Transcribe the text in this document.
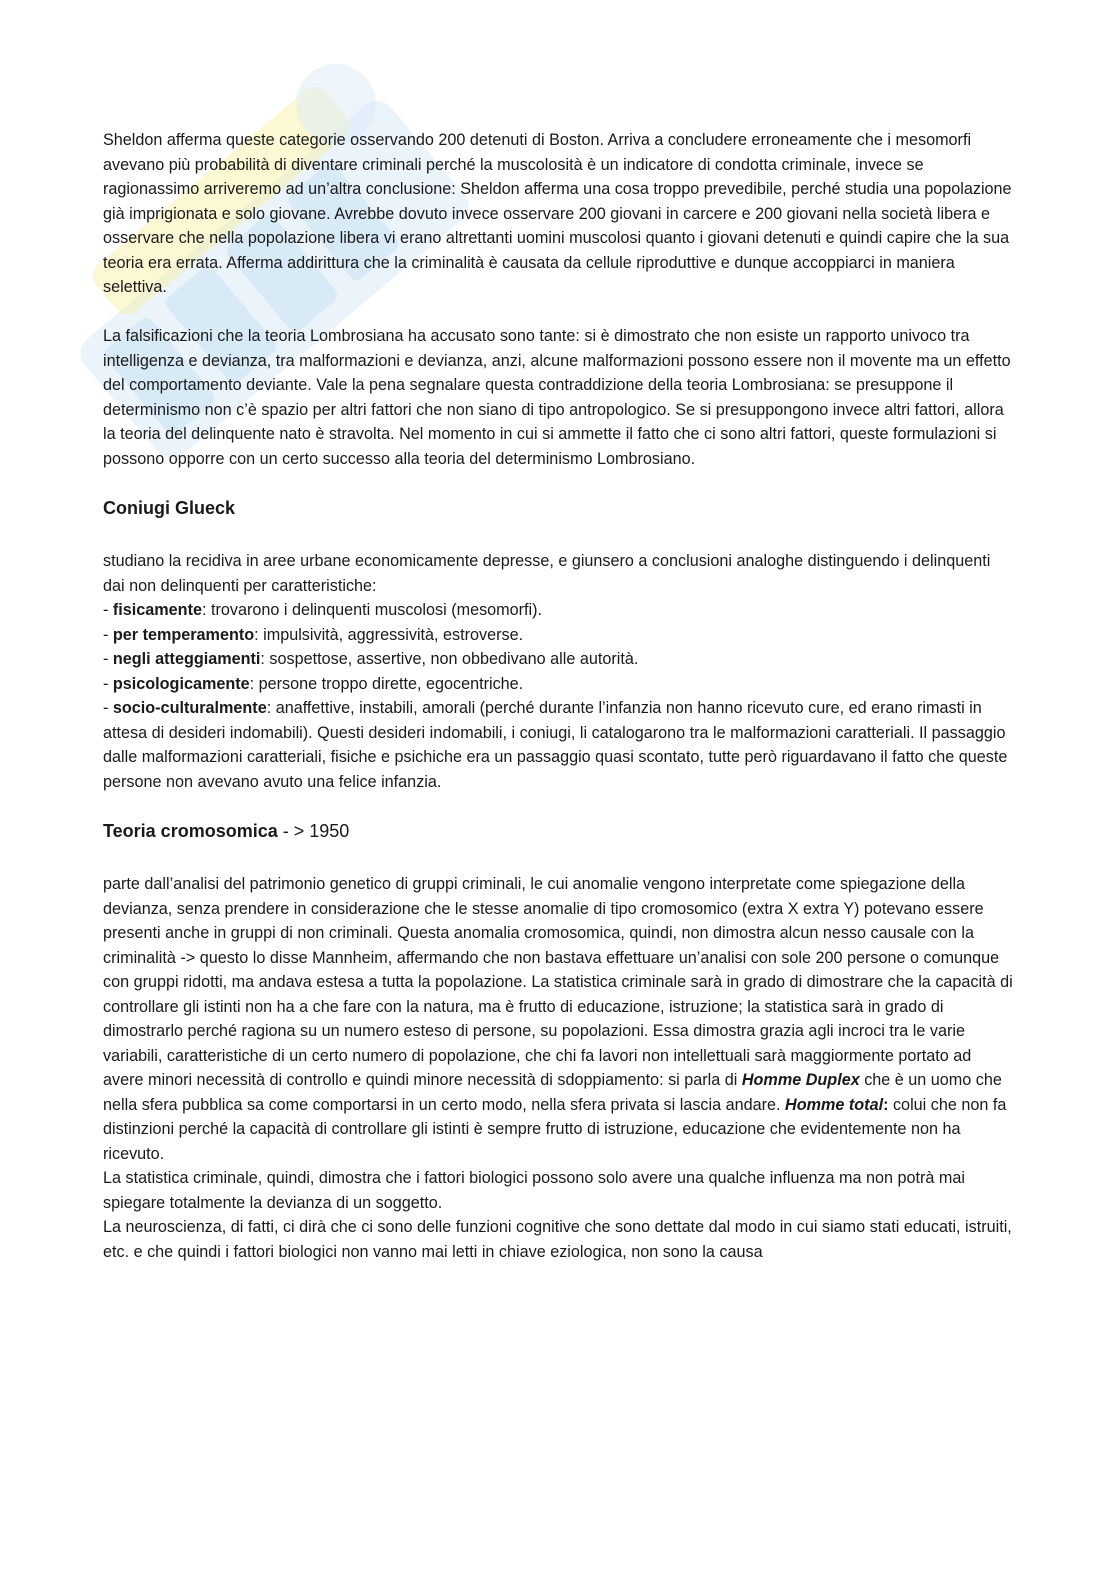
Sheldon afferma queste categorie osservando 200 detenuti di Boston. Arriva a concludere erroneamente che i mesomorfi avevano più probabilità di diventare criminali perché la muscolosità è un indicatore di condotta criminale, invece se ragionassimo arriveremo ad un’altra conclusione: Sheldon afferma una cosa troppo prevedibile, perché studia una popolazione già imprigionata e solo giovane. Avrebbe dovuto invece osservare 200 giovani in carcere e 200 giovani nella società libera e osservare che nella popolazione libera vi erano altrettanti uomini muscolosi quanto i giovani detenuti e quindi capire che la sua teoria era errata. Afferma addirittura che la criminalità è causata da cellule riproduttive e dunque accoppiarci in maniera selettiva.

La falsificazioni che la teoria Lombrosiana ha accusato sono tante: si è dimostrato che non esiste un rapporto univoco tra intelligenza e devianza, tra malformazioni e devianza, anzi, alcune malformazioni possono essere non il movente ma un effetto del comportamento deviante. Vale la pena segnalare questa contraddizione della teoria Lombrosiana: se presuppone il determinismo non c’è spazio per altri fattori che non siano di tipo antropologico. Se si presuppongono invece altri fattori, allora la teoria del delinquente nato è stravolta. Nel momento in cui si ammette il fatto che ci sono altri fattori, queste formulazioni si possono opporre con un certo successo alla teoria del determinismo Lombrosiano.

Coniugi Glueck

studiano la recidiva in aree urbane economicamente depresse, e giunsero a conclusioni analoghe distinguendo i delinquenti dai non delinquenti per caratteristiche:

- fisicamente: trovarono i delinquenti muscolosi (mesomorfi).
- per temperamento: impulsività, aggressività, estroverse.
- negli atteggiamenti: sospettose, assertive, non obbedivano alle autorità.
- psicologicamente: persone troppo dirette, egocentriche.
- socio-culturalmente: anaffettive, instabili, amorali (perché durante l’infanzia non hanno ricevuto cure, ed erano rimasti in attesa di desideri indomabili). Questi desideri indomabili, i coniugi, li catalogarono tra le malformazioni caratteriali. Il passaggio dalle malformazioni caratteriali, fisiche e psichiche era un passaggio quasi scontato, tutte però riguardavano il fatto che queste persone non avevano avuto una felice infanzia.
Teoria cromosomica - > 1950

parte dall’analisi del patrimonio genetico di gruppi criminali, le cui anomalie vengono interpretate come spiegazione della devianza, senza prendere in considerazione che le stesse anomalie di tipo cromosomico (extra X extra Y) potevano essere presenti anche in gruppi di non criminali. Questa anomalia cromosomica, quindi, non dimostra alcun nesso causale con la criminalità -> questo lo disse Mannheim, affermando che non bastava effettuare un’analisi con sole 200 persone o comunque con gruppi ridotti, ma andava estesa a tutta la popolazione. La statistica criminale sarà in grado di dimostrare che la capacità di controllare gli istinti non ha a che fare con la natura, ma è frutto di educazione, istruzione; la statistica sarà in grado di dimostrarlo perché ragiona su un numero esteso di persone, su popolazioni. Essa dimostra grazia agli incroci tra le varie variabili, caratteristiche di un certo numero di popolazione, che chi fa lavori non intellettuali sarà maggiormente portato ad avere minori necessità di controllo e quindi minore necessità di sdoppiamento: si parla di Homme Duplex che è un uomo che nella sfera pubblica sa come comportarsi in un certo modo, nella sfera privata si lascia andare. Homme total: colui che non fa distinzioni perché la capacità di controllare gli istinti è sempre frutto di istruzione, educazione che evidentemente non ha ricevuto.

La statistica criminale, quindi, dimostra che i fattori biologici possono solo avere una qualche influenza ma non potrà mai spiegare totalmente la devianza di un soggetto.

La neuroscienza, di fatti, ci dirà che ci sono delle funzioni cognitive che sono dettate dal modo in cui siamo stati educati, istruiti, etc. e che quindi i fattori biologici non vanno mai letti in chiave eziologica, non sono la causa
